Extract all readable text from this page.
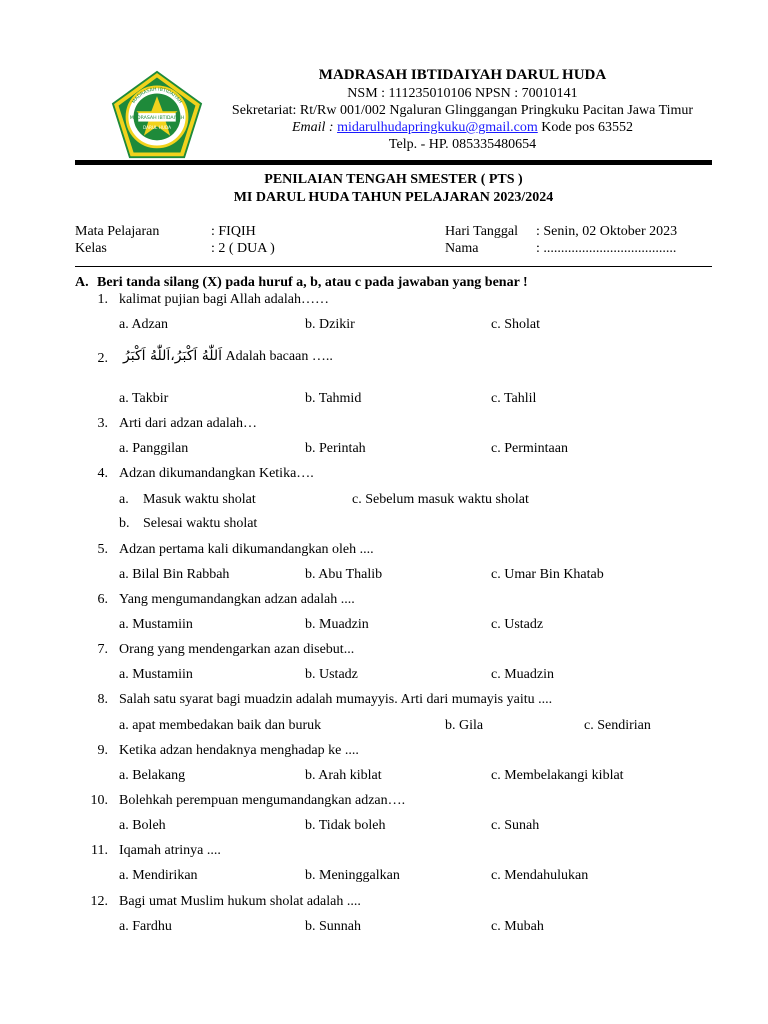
MADRASAH IBTIDAIYAH
DARUL HUDA
MADRASAH IBTIDAIYAH
MADRASAH IBTIDAIYAH DARUL HUDA
NSM : 111235010106 NPSN : 70010141
Sekretariat: Rt/Rw 001/002 Ngaluran Glinggangan Pringkuku Pacitan Jawa Timur
Email : midarulhudapringkuku@gmail.com Kode pos 63552
Telp. - HP. 085335480654
PENILAIAN TENGAH SMESTER ( PTS )
MI DARUL HUDA TAHUN PELAJARAN 2023/2024
Mata Pelajaran	: FIQIH
Kelas	: 2 ( DUA )
Hari Tanggal : Senin, 02 Oktober 2023
Nama	: ......................................
A. Beri tanda silang (X) pada huruf a, b, atau c pada jawaban yang benar !
1. kalimat pujian bagi Allah adalah……
a. Adzan	b. Dzikir	c. Sholat
2. اَللّٰهُ اَكْبَرُ،اَللّٰهُ اَكْبَرُ Adalah bacaan …..
a. Takbir	b. Tahmid	c. Tahlil
3. Arti dari adzan adalah…
a. Panggilan	b. Perintah	c. Permintaan
4. Adzan dikumandangkan Ketika….
a. Masuk waktu sholat	c. Sebelum masuk waktu sholat
b. Selesai waktu sholat
5. Adzan pertama kali dikumandangkan oleh ....
a. Bilal Bin Rabbah	b. Abu Thalib	c. Umar Bin Khatab
6. Yang mengumandangkan adzan adalah ....
a. Mustamiin	b. Muadzin	c. Ustadz
7. Orang yang mendengarkan azan disebut...
a. Mustamiin	b. Ustadz	c. Muadzin
8. Salah satu syarat bagi muadzin adalah mumayyis. Arti dari mumayis yaitu ....
a. apat membedakan baik dan buruk	b. Gila	c. Sendirian
9. Ketika adzan hendaknya menghadap ke ....
a. Belakang	b. Arah kiblat	c. Membelakangi kiblat
10. Bolehkah perempuan mengumandangkan adzan….
a. Boleh	b. Tidak boleh	c. Sunah
11. Iqamah atrinya ....
a. Mendirikan	b. Meninggalkan	c. Mendahulukan
12. Bagi umat Muslim hukum sholat adalah ....
a. Fardhu	b. Sunnah	c. Mubah
